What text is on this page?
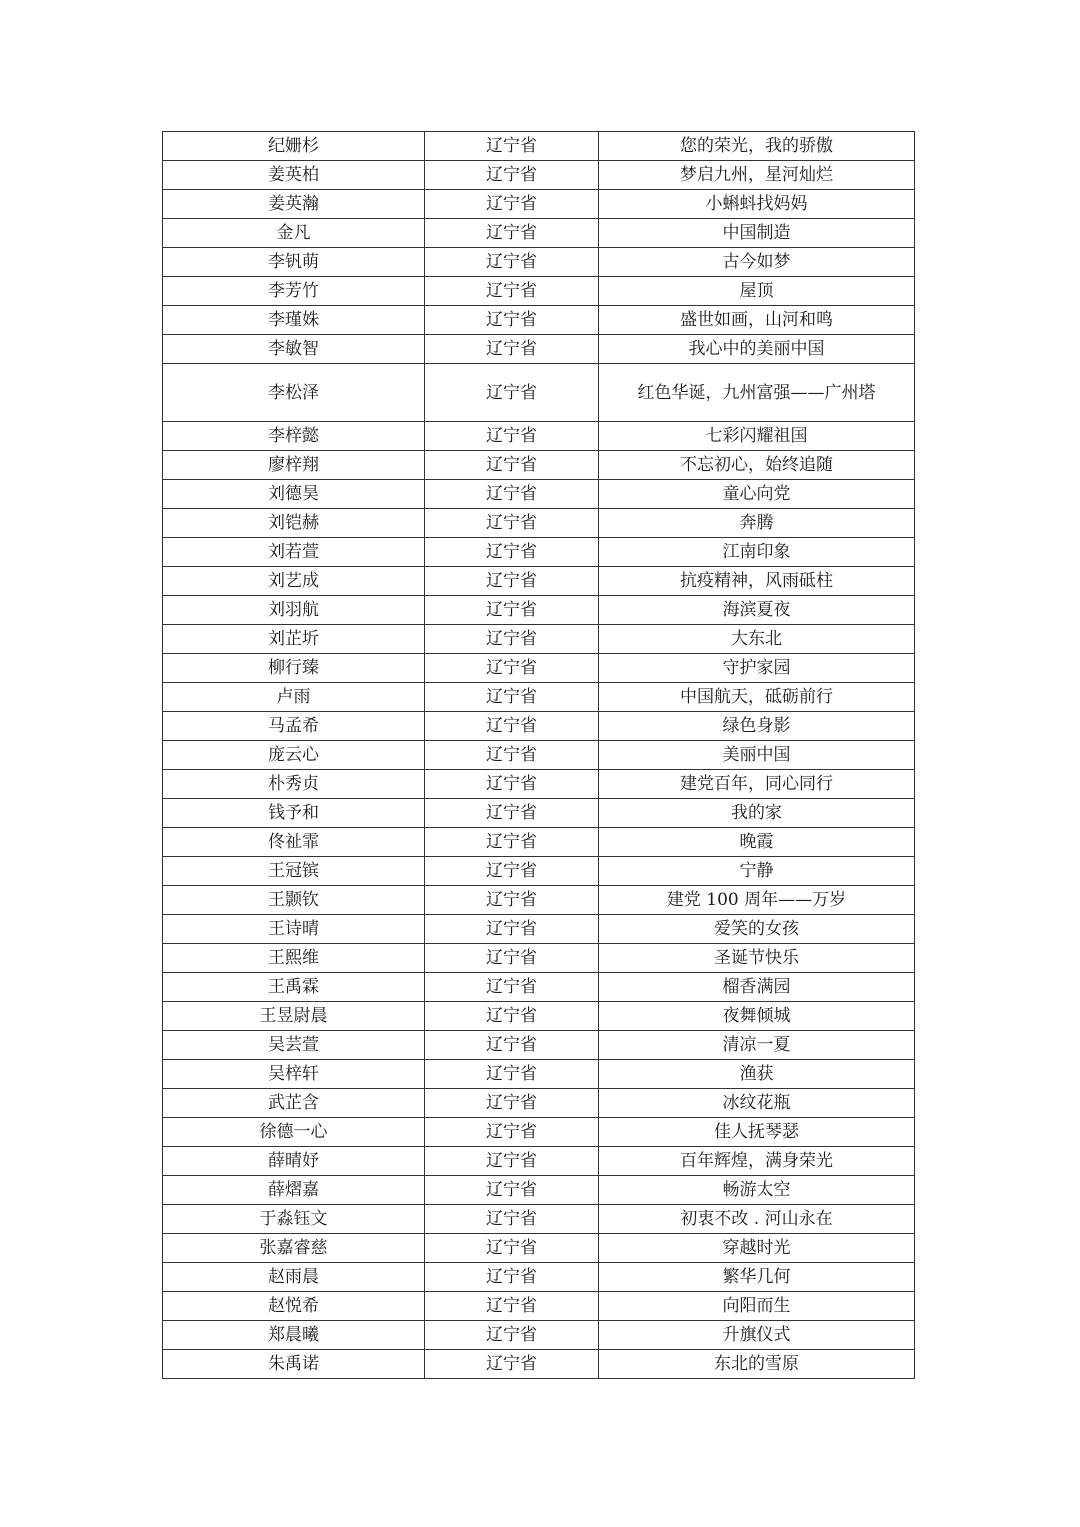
纪姗杉	辽宁省	您的荣光，我的骄傲
姜英柏	辽宁省	梦启九州，星河灿烂
姜英瀚	辽宁省	小蝌蚪找妈妈
金凡	辽宁省	中国制造
李钒萌	辽宁省	古今如梦
李芳竹	辽宁省	屋顶
李瑾姝	辽宁省	盛世如画，山河和鸣
李敏智	辽宁省	我心中的美丽中国
李松泽	辽宁省	红色华诞，九州富强——广州塔
李梓懿	辽宁省	七彩闪耀祖国
廖梓翔	辽宁省	不忘初心，始终追随
刘德昊	辽宁省	童心向党
刘铠赫	辽宁省	奔腾
刘若萱	辽宁省	江南印象
刘艺成	辽宁省	抗疫精神，风雨砥柱
刘羽航	辽宁省	海滨夏夜
刘芷圻	辽宁省	大东北
柳行臻	辽宁省	守护家园
卢雨	辽宁省	中国航天，砥砺前行
马孟希	辽宁省	绿色身影
庞云心	辽宁省	美丽中国
朴秀贞	辽宁省	建党百年，同心同行
钱予和	辽宁省	我的家
佟祉霏	辽宁省	晚霞
王冠镔	辽宁省	宁静
王颢钦	辽宁省	建党 100 周年——万岁
王诗晴	辽宁省	爱笑的女孩
王熙维	辽宁省	圣诞节快乐
王禹霖	辽宁省	榴香满园
王昱尉晨	辽宁省	夜舞倾城
吴芸萱	辽宁省	清凉一夏
吴梓轩	辽宁省	渔获
武芷含	辽宁省	冰纹花瓶
徐德一心	辽宁省	佳人抚琴瑟
薛晴妤	辽宁省	百年辉煌，满身荣光
薛熠嘉	辽宁省	畅游太空
于淼钰文	辽宁省	初衷不改 . 河山永在
张嘉睿慈	辽宁省	穿越时光
赵雨晨	辽宁省	繁华几何
赵悦希	辽宁省	向阳而生
郑晨曦	辽宁省	升旗仪式
朱禹诺	辽宁省	东北的雪原
